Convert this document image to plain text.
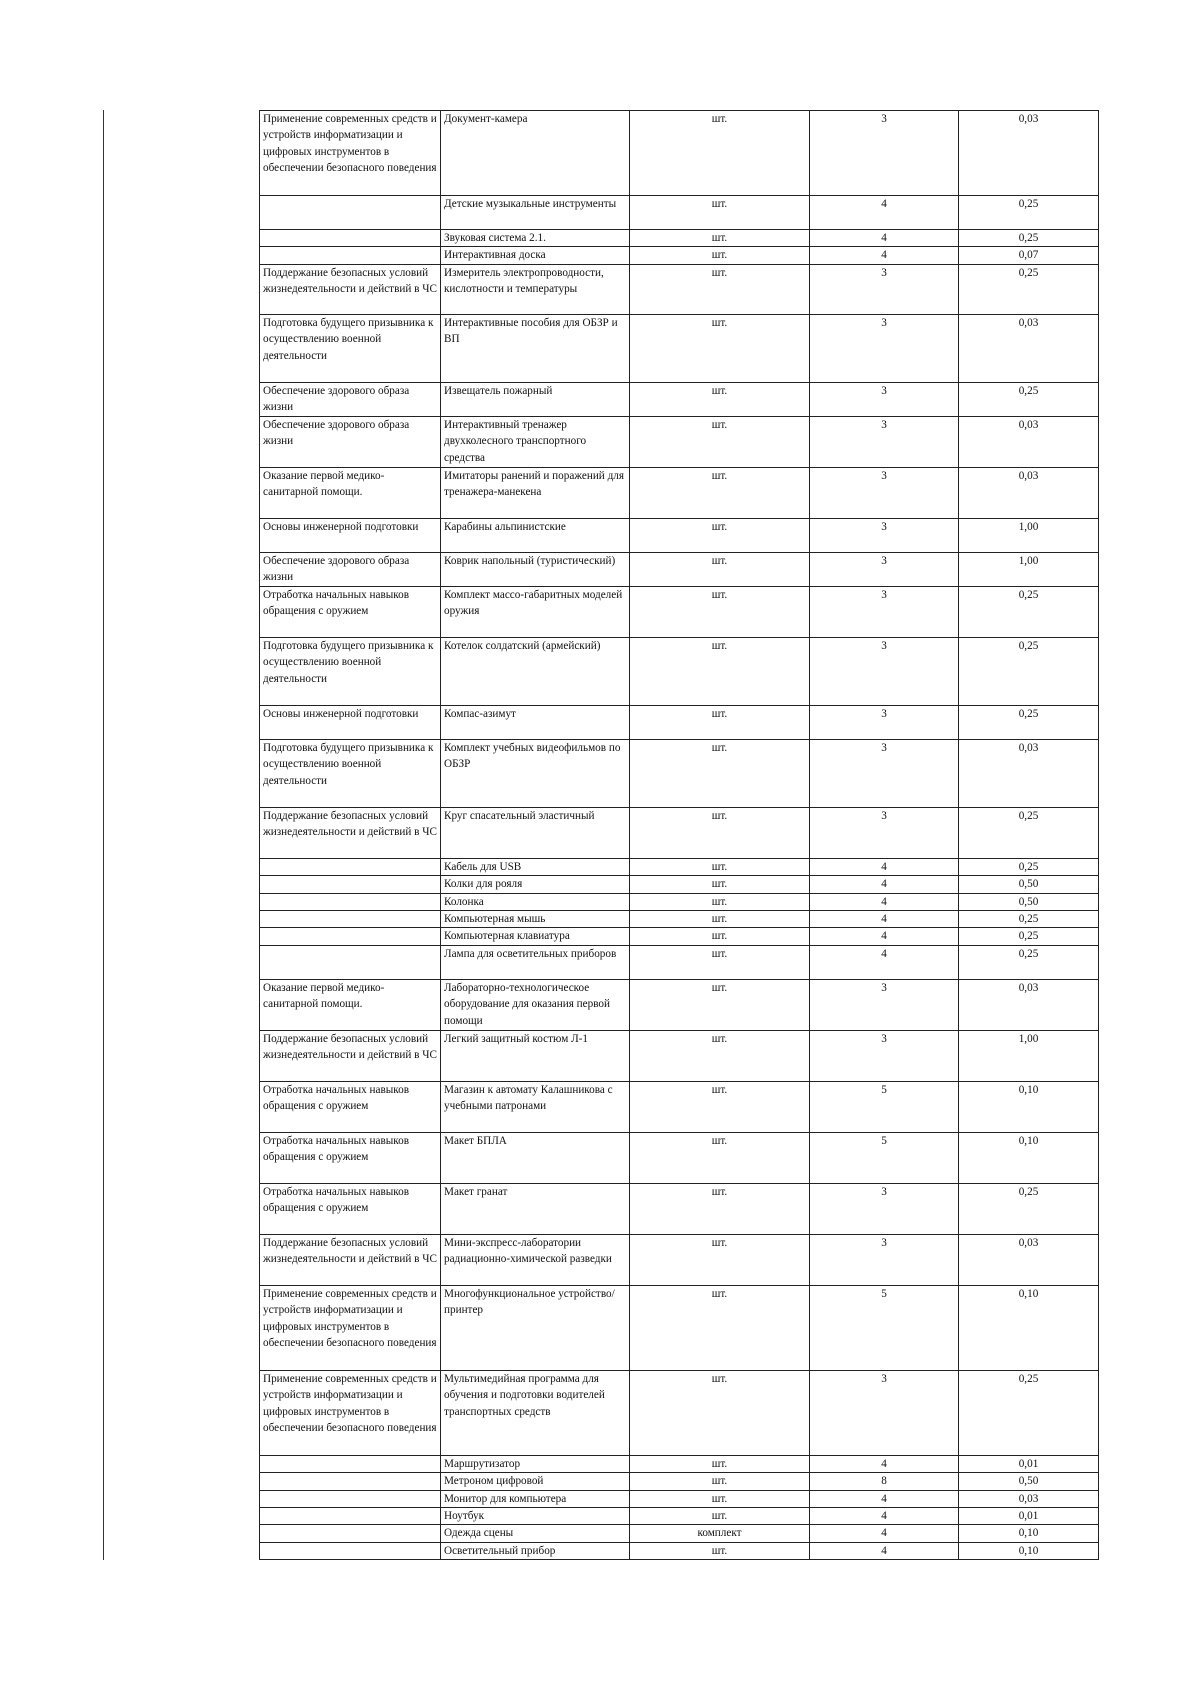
Применение современных средств и устройств информатизации и цифровых инструментов в обеспечении безопасного поведения	Документ-камера	шт.	3	0,03
	Детские музыкальные инструменты	шт.	4	0,25
	Звуковая система 2.1.	шт.	4	0,25
	Интерактивная доска	шт.	4	0,07
Поддержание безопасных условий жизнедеятельности и действий в ЧС	Измеритель электропроводности, кислотности и температуры	шт.	3	0,25
Подготовка будущего призывника к осуществлению военной деятельности	Интерактивные пособия для ОБЗР и ВП	шт.	3	0,03
Обеспечение здорового образа жизни	Извещатель пожарный	шт.	3	0,25
Обеспечение здорового образа жизни	Интерактивный тренажер двухколесного транспортного средства	шт.	3	0,03
Оказание первой медико-санитарной помощи.	Имитаторы ранений и поражений для тренажера-манекена	шт.	3	0,03
Основы инженерной подготовки	Карабины альпинистские	шт.	3	1,00
Обеспечение здорового образа жизни	Коврик напольный (туристический)	шт.	3	1,00
Отработка начальных навыков обращения с оружием	Комплект массо-габаритных моделей оружия	шт.	3	0,25
Подготовка будущего призывника к осуществлению военной деятельности	Котелок солдатский (армейский)	шт.	3	0,25
Основы инженерной подготовки	Компас-азимут	шт.	3	0,25
Подготовка будущего призывника к осуществлению военной деятельности	Комплект учебных видеофильмов по ОБЗР	шт.	3	0,03
Поддержание безопасных условий жизнедеятельности и действий в ЧС	Круг спасательный эластичный	шт.	3	0,25
	Кабель для USB	шт.	4	0,25
	Колки для рояля	шт.	4	0,50
	Колонка	шт.	4	0,50
	Компьютерная мышь	шт.	4	0,25
	Компьютерная клавиатура	шт.	4	0,25
	Лампа для осветительных приборов	шт.	4	0,25
Оказание первой медико-санитарной помощи.	Лабораторно-технологическое оборудование для оказания первой помощи	шт.	3	0,03
Поддержание безопасных условий жизнедеятельности и действий в ЧС	Легкий защитный костюм Л-1	шт.	3	1,00
Отработка начальных навыков обращения с оружием	Магазин к автомату Калашникова с учебными патронами	шт.	5	0,10
Отработка начальных навыков обращения с оружием	Макет БПЛА	шт.	5	0,10
Отработка начальных навыков обращения с оружием	Макет гранат	шт.	3	0,25
Поддержание безопасных условий жизнедеятельности и действий в ЧС	Мини-экспресс-лаборатории радиационно-химической разведки	шт.	3	0,03
Применение современных средств и устройств информатизации и цифровых инструментов в обеспечении безопасного поведения	Многофункциональное устройство/принтер	шт.	5	0,10
Применение современных средств и устройств информатизации и цифровых инструментов в обеспечении безопасного поведения	Мультимедийная программа для обучения и подготовки водителей транспортных средств	шт.	3	0,25
	Маршрутизатор	шт.	4	0,01
	Метроном цифровой	шт.	8	0,50
	Монитор для компьютера	шт.	4	0,03
	Ноутбук	шт.	4	0,01
	Одежда сцены	комплект	4	0,10
	Осветительный прибор	шт.	4	0,10
